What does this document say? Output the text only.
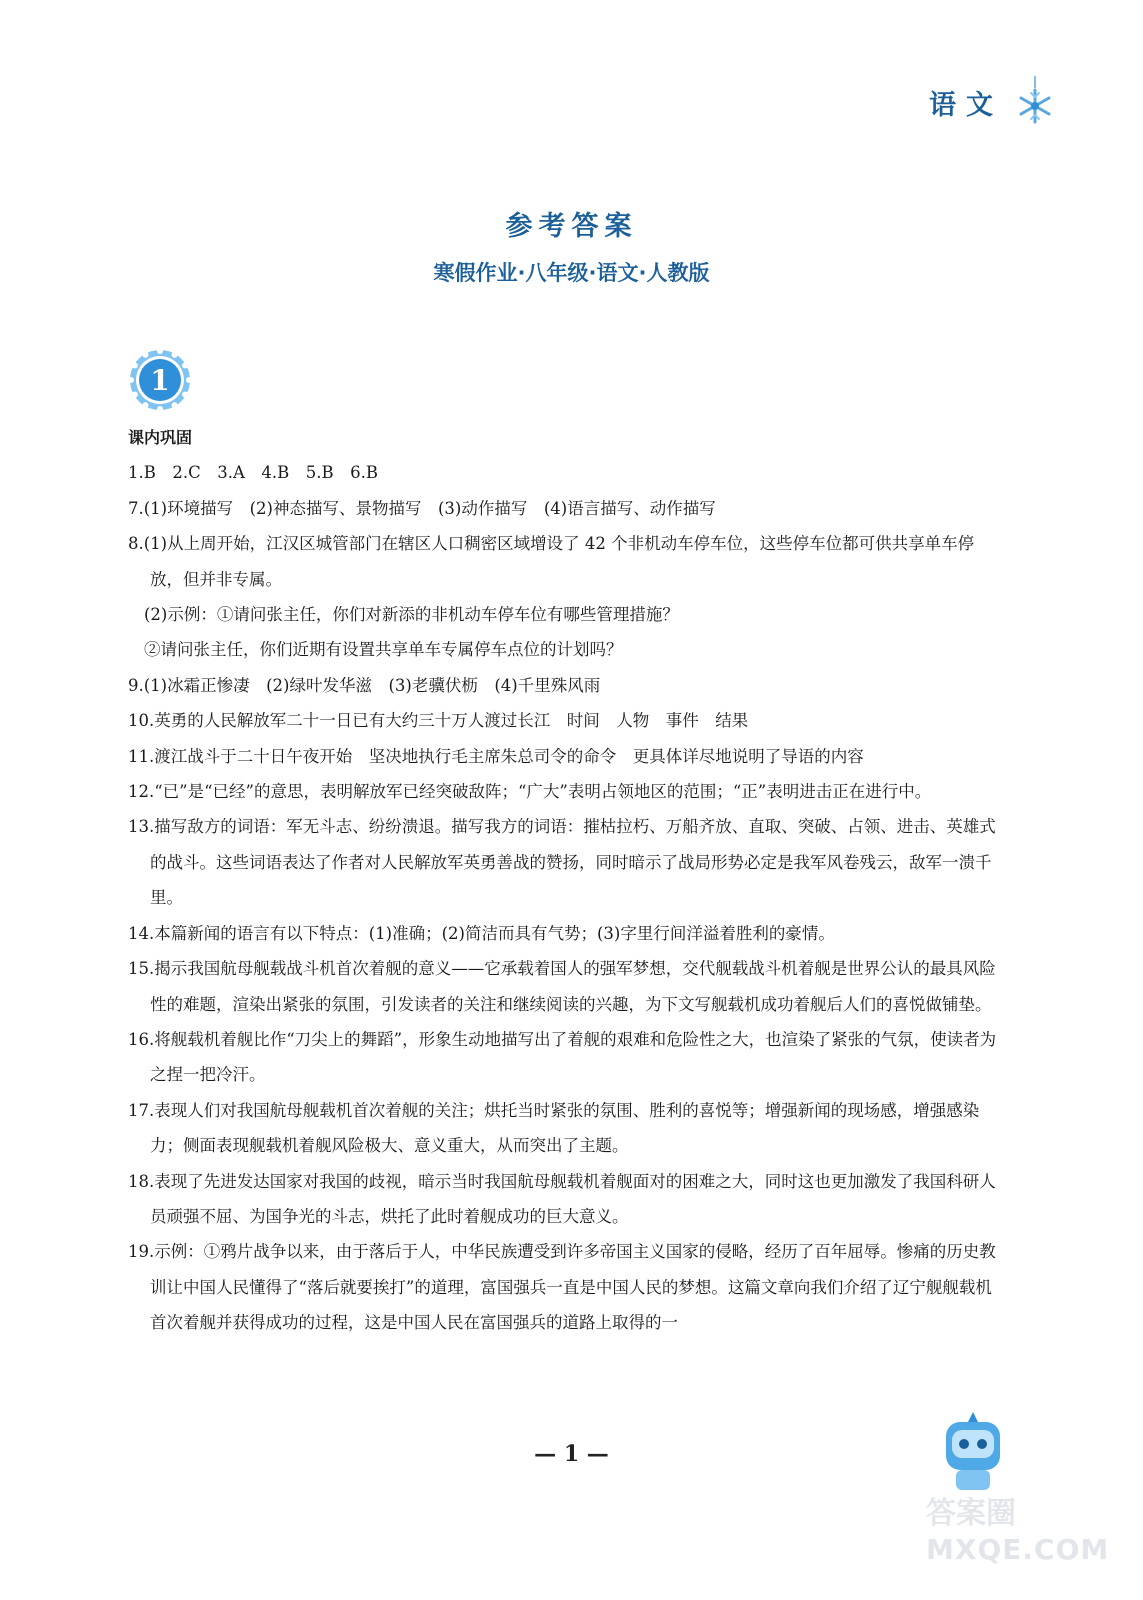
语文
参考答案
寒假作业·八年级·语文·人教版
1
课内巩固
1.B　2.C　3.A　4.B　5.B　6.B
7.(1)环境描写　(2)神态描写、景物描写　(3)动作描写　(4)语言描写、动作描写
8.(1)从上周开始，江汉区城管部门在辖区人口稠密区域增设了 42 个非机动车停车位，这些停车位都可供共享单车停放，但并非专属。
(2)示例：①请问张主任，你们对新添的非机动车停车位有哪些管理措施？
②请问张主任，你们近期有设置共享单车专属停车点位的计划吗？
9.(1)冰霜正惨凄　(2)绿叶发华滋　(3)老骥伏枥　(4)千里殊风雨
10.英勇的人民解放军二十一日已有大约三十万人渡过长江　时间　人物　事件　结果
11.渡江战斗于二十日午夜开始　坚决地执行毛主席朱总司令的命令　更具体详尽地说明了导语的内容
12.“已”是“已经”的意思，表明解放军已经突破敌阵；“广大”表明占领地区的范围；“正”表明进击正在进行中。
13.描写敌方的词语：军无斗志、纷纷溃退。描写我方的词语：摧枯拉朽、万船齐放、直取、突破、占领、进击、英雄式的战斗。这些词语表达了作者对人民解放军英勇善战的赞扬，同时暗示了战局形势必定是我军风卷残云，敌军一溃千里。
14.本篇新闻的语言有以下特点：(1)准确；(2)简洁而具有气势；(3)字里行间洋溢着胜利的豪情。
15.揭示我国航母舰载战斗机首次着舰的意义——它承载着国人的强军梦想，交代舰载战斗机着舰是世界公认的最具风险性的难题，渲染出紧张的氛围，引发读者的关注和继续阅读的兴趣，为下文写舰载机成功着舰后人们的喜悦做铺垫。
16.将舰载机着舰比作“刀尖上的舞蹈”，形象生动地描写出了着舰的艰难和危险性之大，也渲染了紧张的气氛，使读者为之捏一把冷汗。
17.表现人们对我国航母舰载机首次着舰的关注；烘托当时紧张的氛围、胜利的喜悦等；增强新闻的现场感，增强感染力；侧面表现舰载机着舰风险极大、意义重大，从而突出了主题。
18.表现了先进发达国家对我国的歧视，暗示当时我国航母舰载机着舰面对的困难之大，同时这也更加激发了我国科研人员顽强不屈、为国争光的斗志，烘托了此时着舰成功的巨大意义。
19.示例：①鸦片战争以来，由于落后于人，中华民族遭受到许多帝国主义国家的侵略，经历了百年屈辱。惨痛的历史教训让中国人民懂得了“落后就要挨打”的道理，富国强兵一直是中国人民的梦想。这篇文章向我们介绍了辽宁舰舰载机首次着舰并获得成功的过程，这是中国人民在富国强兵的道路上取得的一
— 1 —
答案圈
MXQE.COM
